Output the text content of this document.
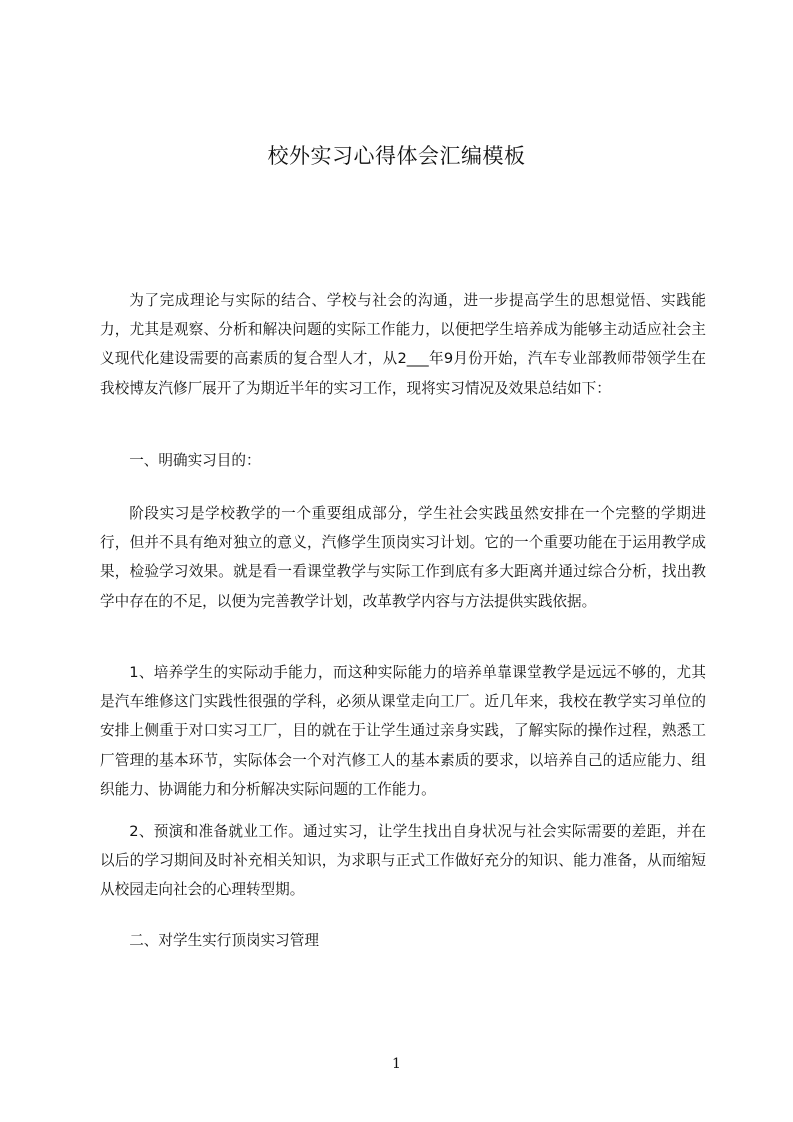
校外实习心得体会汇编模板
为了完成理论与实际的结合、学校与社会的沟通，进一步提高学生的思想觉悟、实践能力，尤其是观察、分析和解决问题的实际工作能力，以便把学生培养成为能够主动适应社会主义现代化建设需要的高素质的复合型人才，从2___年9月份开始，汽车专业部教师带领学生在我校博友汽修厂展开了为期近半年的实习工作，现将实习情况及效果总结如下：
一、明确实习目的：
阶段实习是学校教学的一个重要组成部分，学生社会实践虽然安排在一个完整的学期进行，但并不具有绝对独立的意义，汽修学生顶岗实习计划。它的一个重要功能在于运用教学成果，检验学习效果。就是看一看课堂教学与实际工作到底有多大距离并通过综合分析，找出教学中存在的不足，以便为完善教学计划，改革教学内容与方法提供实践依据。
1、培养学生的实际动手能力，而这种实际能力的培养单靠课堂教学是远远不够的，尤其是汽车维修这门实践性很强的学科，必须从课堂走向工厂。近几年来，我校在教学实习单位的安排上侧重于对口实习工厂，目的就在于让学生通过亲身实践，了解实际的操作过程，熟悉工厂管理的基本环节，实际体会一个对汽修工人的基本素质的要求，以培养自己的适应能力、组织能力、协调能力和分析解决实际问题的工作能力。
2、预演和准备就业工作。通过实习，让学生找出自身状况与社会实际需要的差距，并在以后的学习期间及时补充相关知识，为求职与正式工作做好充分的知识、能力准备，从而缩短从校园走向社会的心理转型期。
二、对学生实行顶岗实习管理
1
